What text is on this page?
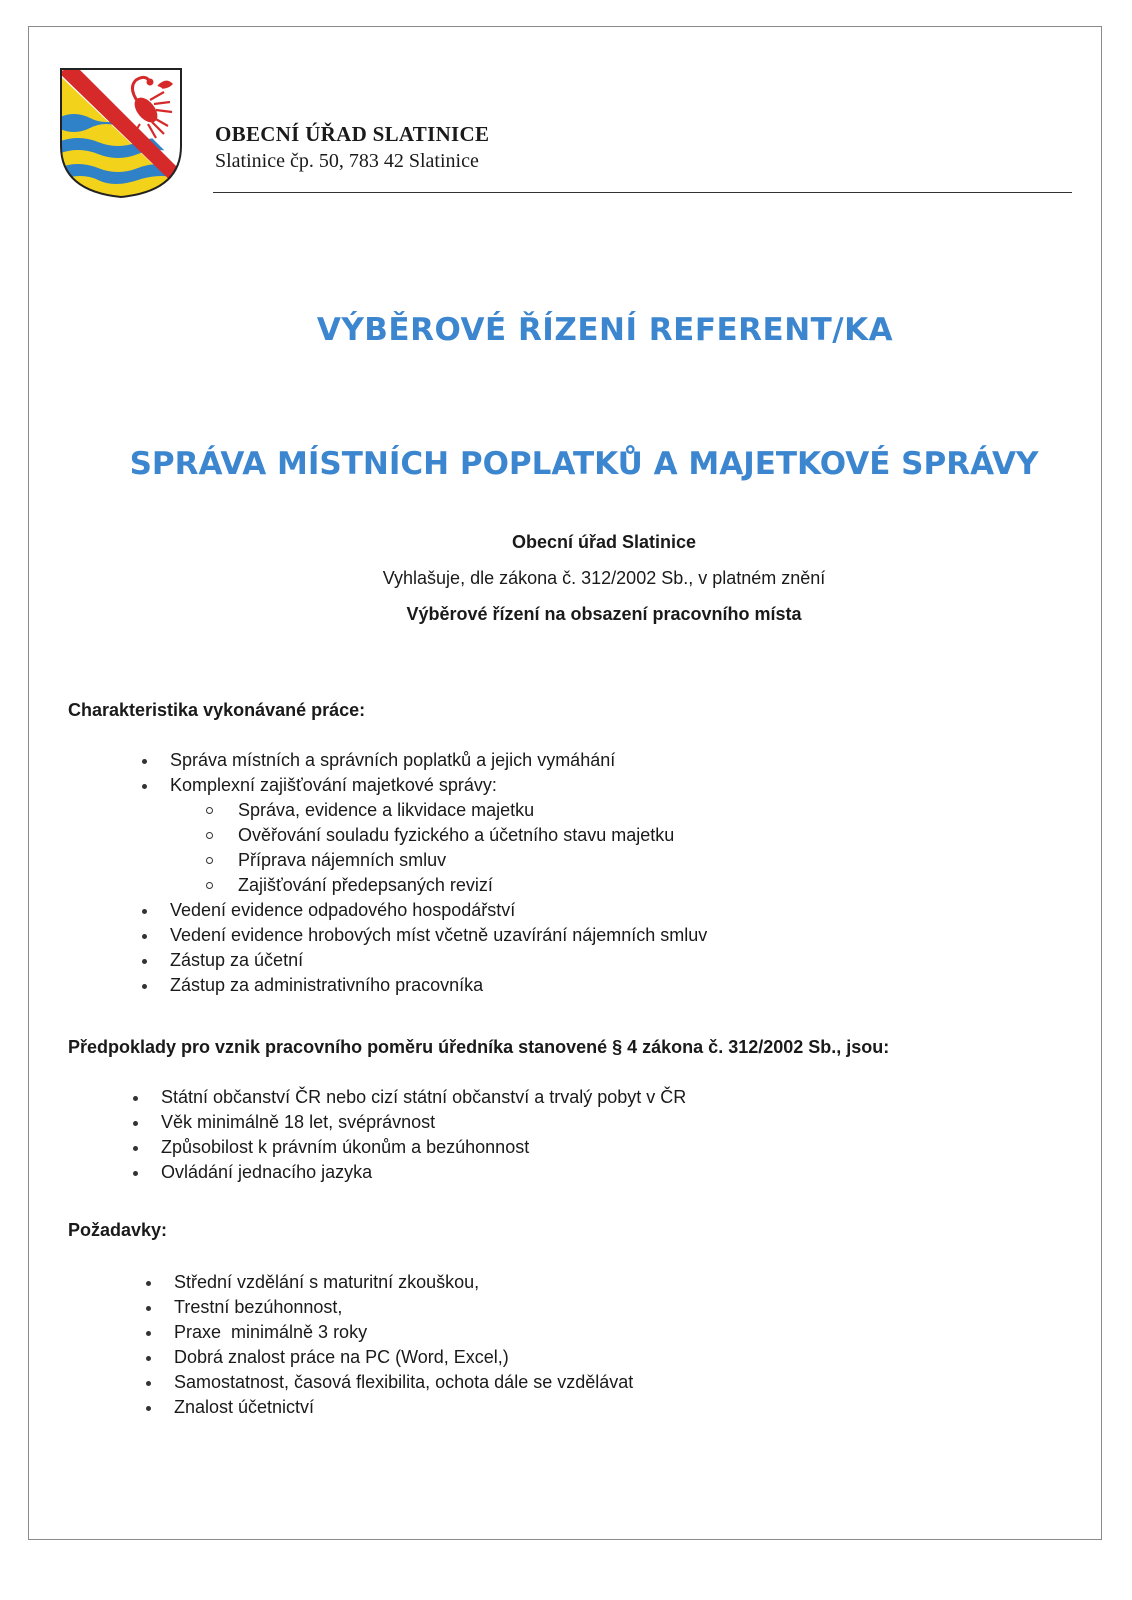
OBECNÍ ÚŘAD SLATINICE
Slatinice čp. 50, 783 42 Slatinice
VÝBĚROVÉ ŘÍZENÍ REFERENT/KA
SPRÁVA MÍSTNÍCH POPLATKŮ A MAJETKOVÉ SPRÁVY
Obecní úřad Slatinice
Vyhlašuje, dle zákona č. 312/2002 Sb., v platném znění
Výběrové řízení na obsazení pracovního místa
Charakteristika vykonávané práce:
Správa místních a správních poplatků a jejich vymáhání
Komplexní zajišťování majetkové správy:
Správa, evidence a likvidace majetku
Ověřování souladu fyzického a účetního stavu majetku
Příprava nájemních smluv
Zajišťování předepsaných revizí
Vedení evidence odpadového hospodářství
Vedení evidence hrobových míst včetně uzavírání nájemních smluv
Zástup za účetní
Zástup za administrativního pracovníka
Předpoklady pro vznik pracovního poměru úředníka stanovené § 4 zákona č. 312/2002 Sb., jsou:
Státní občanství ČR nebo cizí státní občanství a trvalý pobyt v ČR
Věk minimálně 18 let, svéprávnost
Způsobilost k právním úkonům a bezúhonnost
Ovládání jednacího jazyka
Požadavky:
Střední vzdělání s maturitní zkouškou,
Trestní bezúhonnost,
Praxe  minimálně 3 roky
Dobrá znalost práce na PC (Word, Excel,)
Samostatnost, časová flexibilita, ochota dále se vzdělávat
Znalost účetnictví
